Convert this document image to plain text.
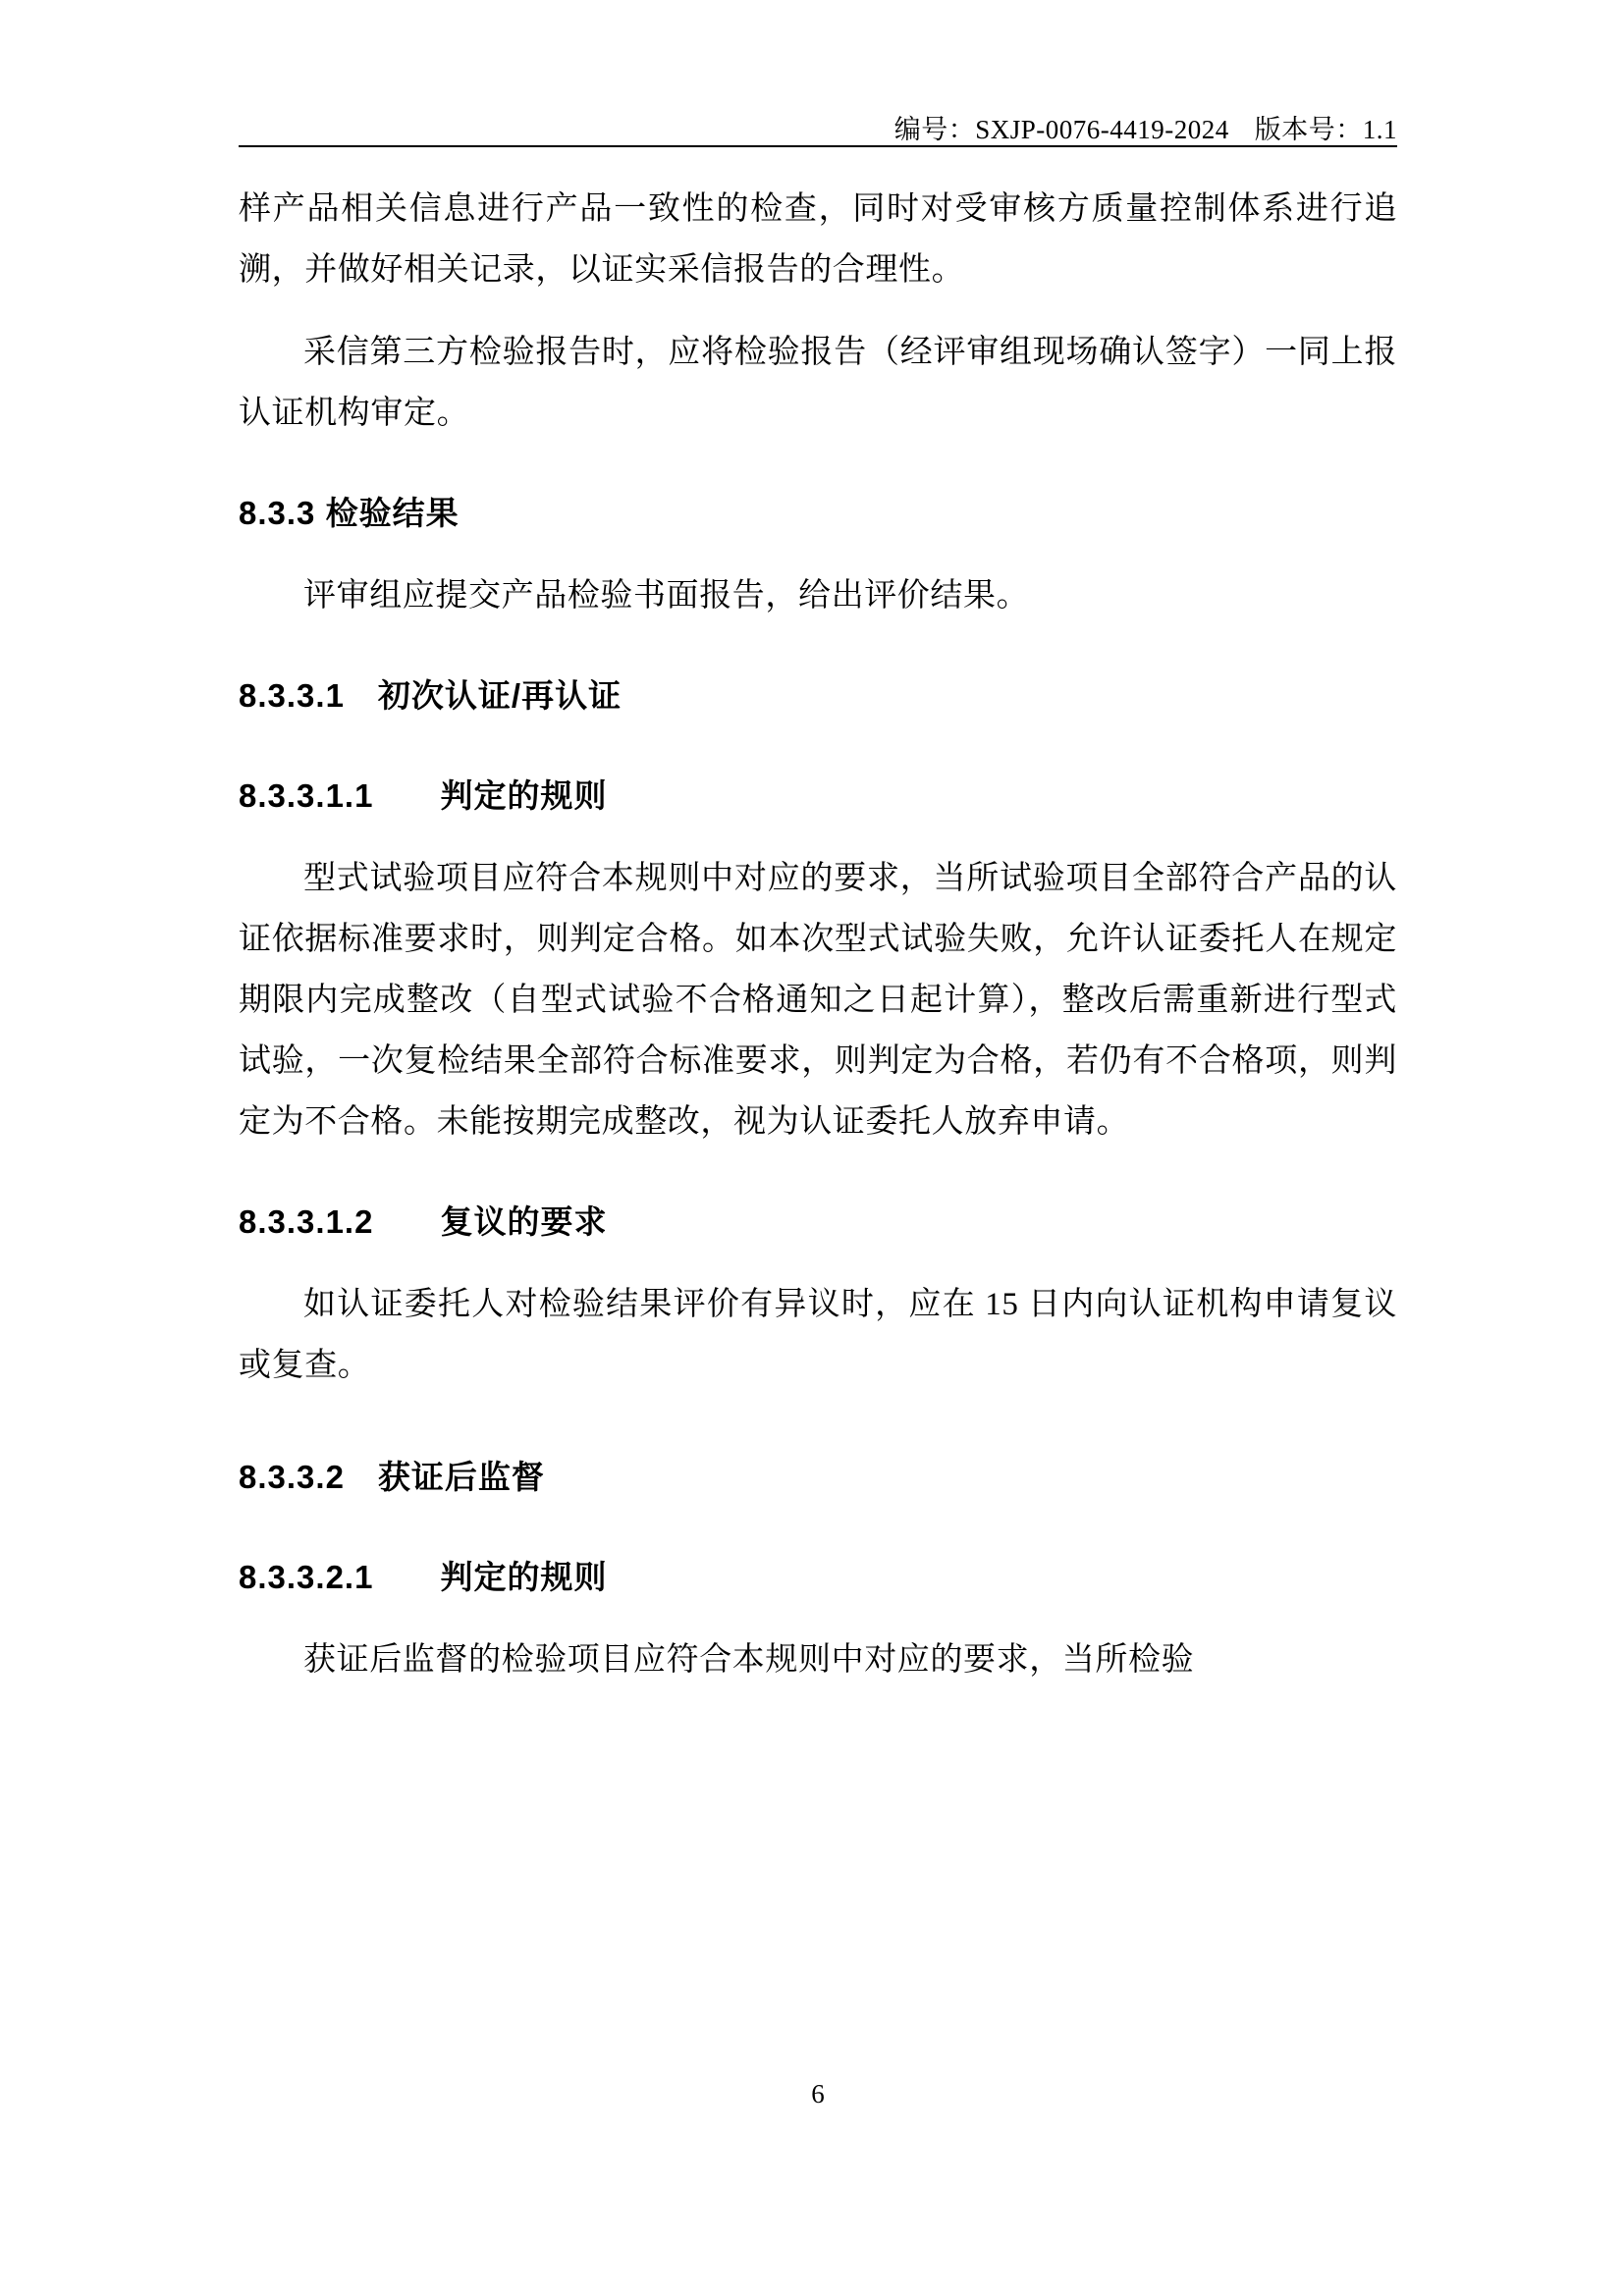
编号：SXJP-0076-4419-2024 版本号：1.1

样产品相关信息进行产品一致性的检查，同时对受审核方质量控制体系进行追溯，并做好相关记录，以证实采信报告的合理性。

采信第三方检验报告时，应将检验报告（经评审组现场确认签字）一同上报认证机构审定。

8.3.3 检验结果

评审组应提交产品检验书面报告，给出评价结果。

8.3.3.1　初次认证/再认证
8.3.3.1.1　　判定的规则

型式试验项目应符合本规则中对应的要求，当所试验项目全部符合产品的认证依据标准要求时，则判定合格。如本次型式试验失败，允许认证委托人在规定期限内完成整改（自型式试验不合格通知之日起计算），整改后需重新进行型式试验，一次复检结果全部符合标准要求，则判定为合格，若仍有不合格项，则判定为不合格。未能按期完成整改，视为认证委托人放弃申请。

8.3.3.1.2　　复议的要求

如认证委托人对检验结果评价有异议时，应在 15 日内向认证机构申请复议或复查。

8.3.3.2　获证后监督
8.3.3.2.1　　判定的规则

获证后监督的检验项目应符合本规则中对应的要求，当所检验

6
